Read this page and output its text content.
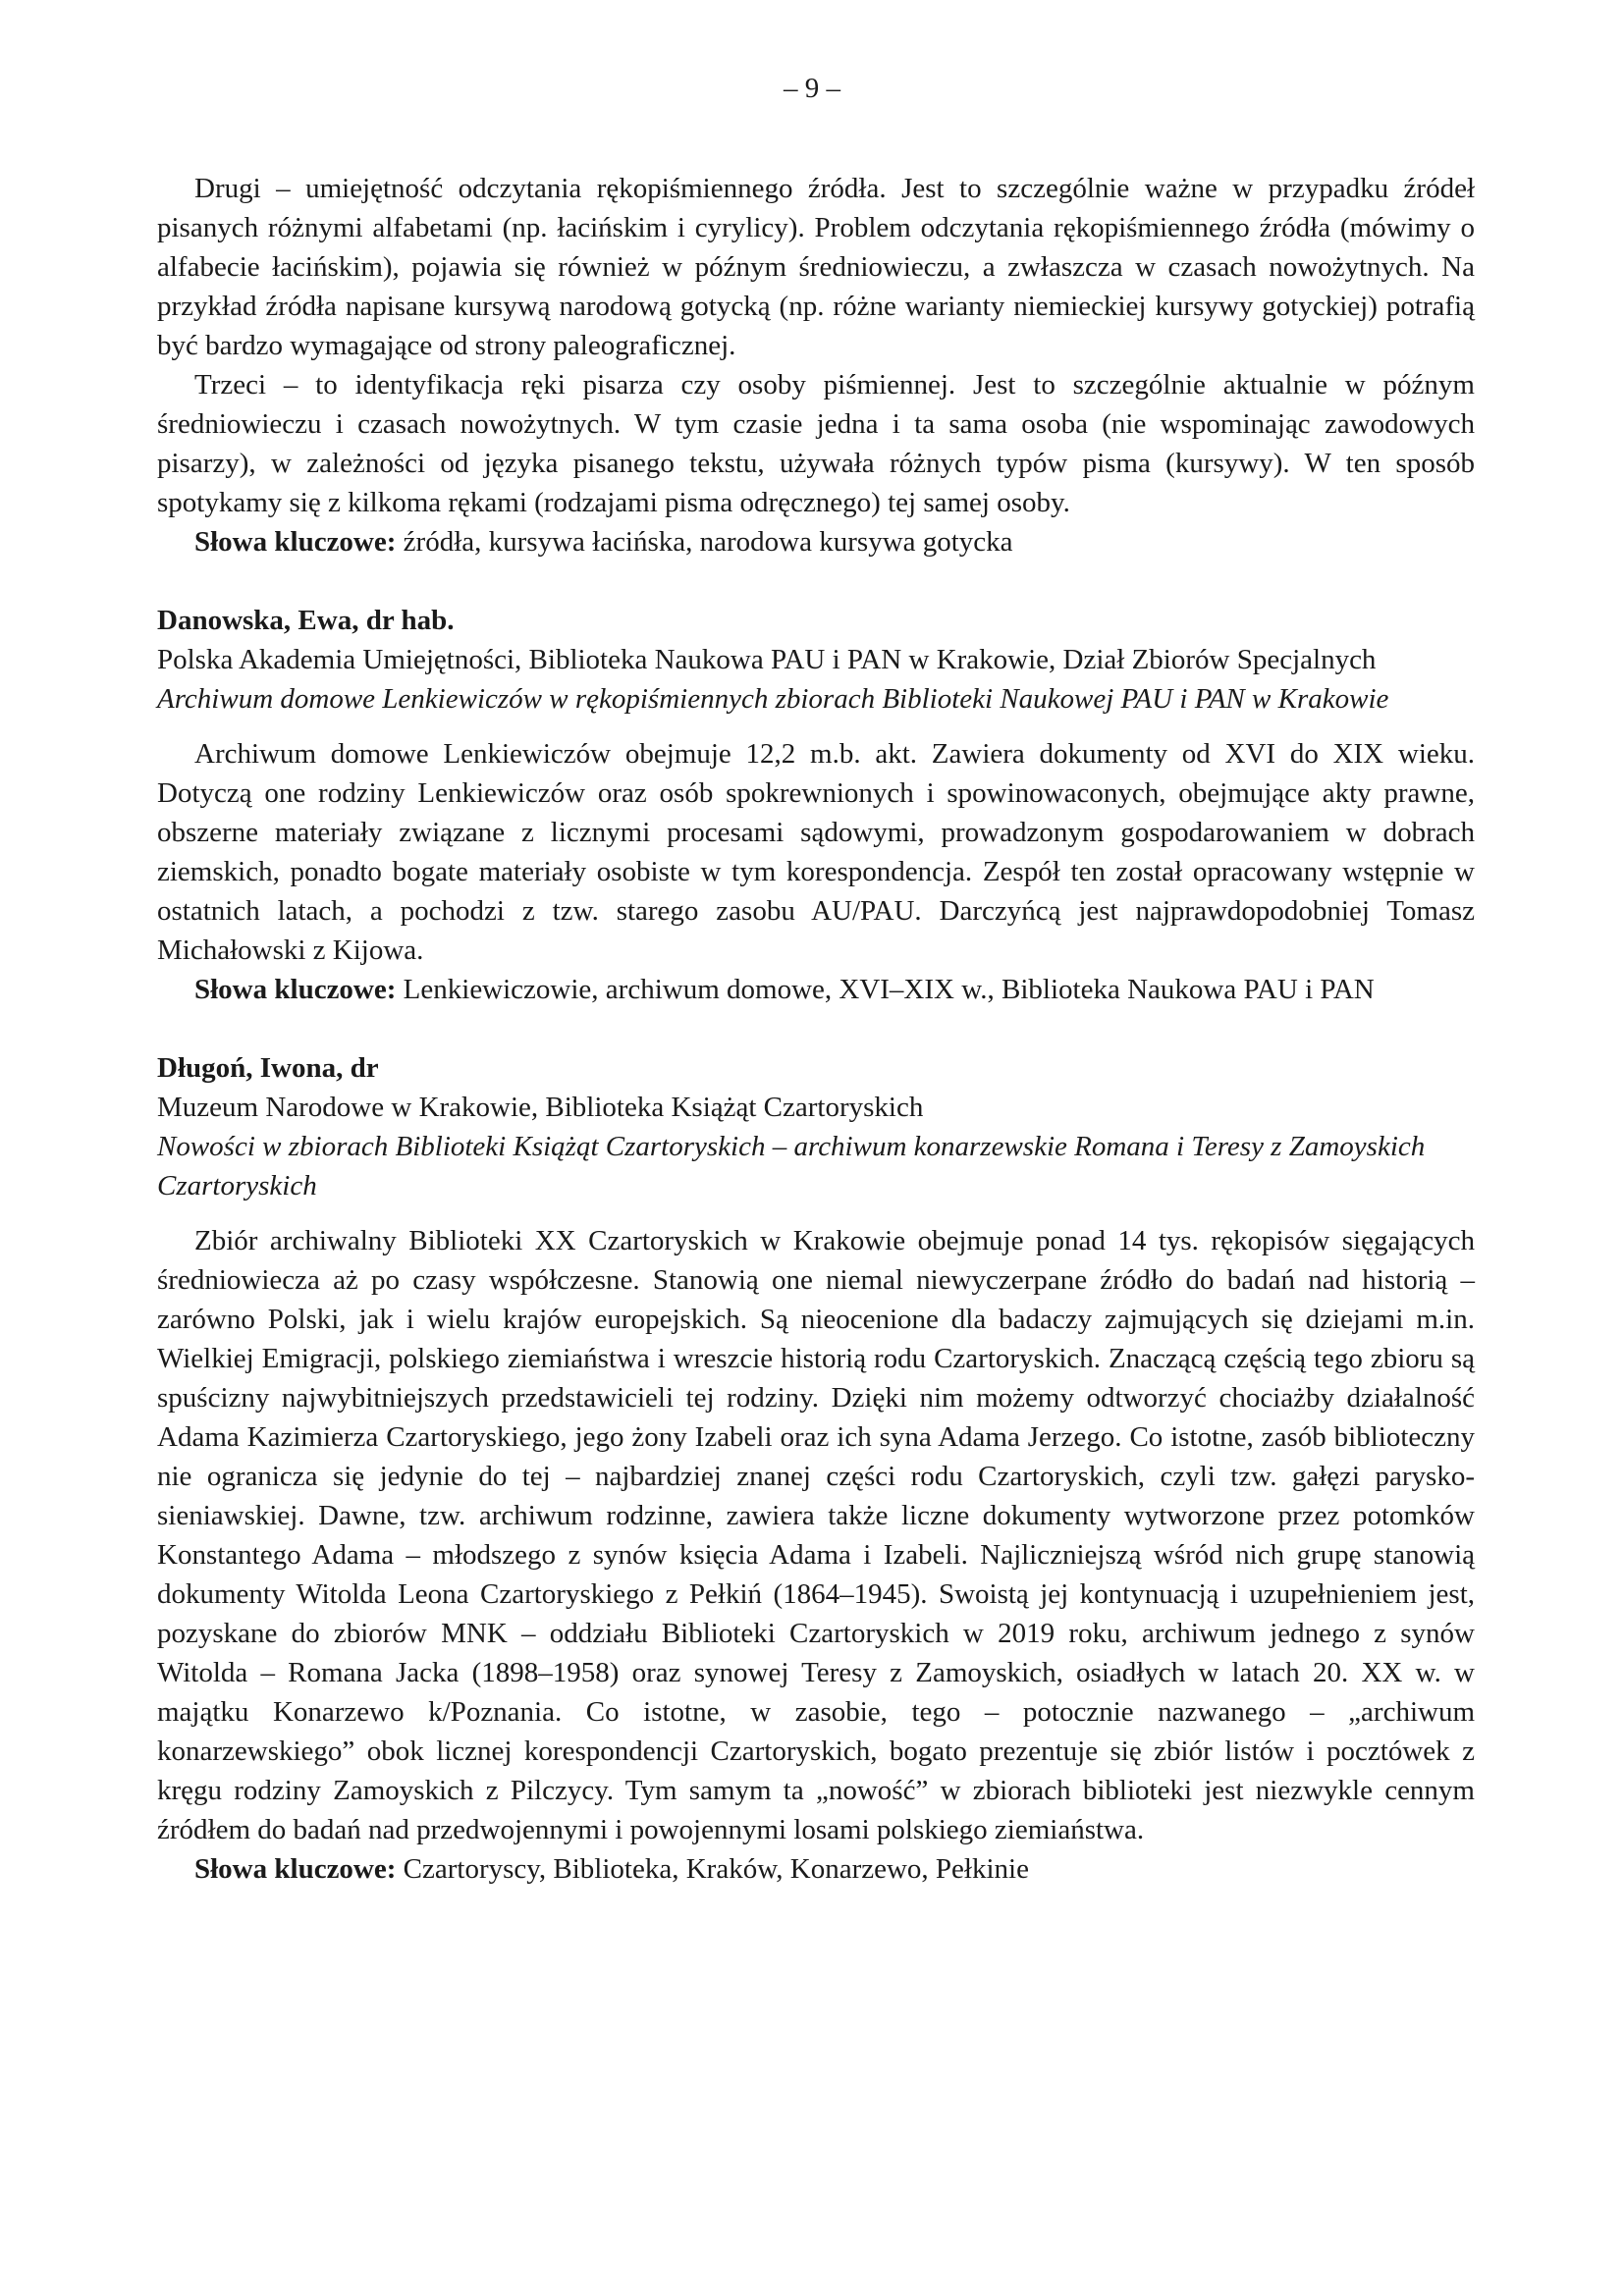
– 9 –

Drugi – umiejętność odczytania rękopiśmiennego źródła. Jest to szczególnie ważne w przypadku źródeł pisanych różnymi alfabetami (np. łacińskim i cyrylicy). Problem odczytania rękopiśmiennego źródła (mówimy o alfabecie łacińskim), pojawia się również w późnym średniowieczu, a zwłaszcza w czasach nowożytnych. Na przykład źródła napisane kursywą narodową gotycką (np. różne warianty niemieckiej kursywy gotyckiej) potrafią być bardzo wymagające od strony paleograficznej.

Trzeci – to identyfikacja ręki pisarza czy osoby piśmiennej. Jest to szczególnie aktualnie w późnym średniowieczu i czasach nowożytnych. W tym czasie jedna i ta sama osoba (nie wspominając zawodowych pisarzy), w zależności od języka pisanego tekstu, używała różnych typów pisma (kursywy). W ten sposób spotykamy się z kilkoma rękami (rodzajami pisma odręcznego) tej samej osoby.

Słowa kluczowe: źródła, kursywa łacińska, narodowa kursywa gotycka

Danowska, Ewa, dr hab.

Polska Akademia Umiejętności, Biblioteka Naukowa PAU i PAN w Krakowie, Dział Zbiorów Specjalnych

Archiwum domowe Lenkiewiczów w rękopiśmiennych zbiorach Biblioteki Naukowej PAU i PAN w Krakowie

Archiwum domowe Lenkiewiczów obejmuje 12,2 m.b. akt. Zawiera dokumenty od XVI do XIX wieku. Dotyczą one rodziny Lenkiewiczów oraz osób spokrewnionych i spowinowaconych, obejmujące akty prawne, obszerne materiały związane z licznymi procesami sądowymi, prowadzonym gospodarowaniem w dobrach ziemskich, ponadto bogate materiały osobiste w tym korespondencja. Zespół ten został opracowany wstępnie w ostatnich latach, a pochodzi z tzw. starego zasobu AU/PAU. Darczyńcą jest najprawdopodobniej Tomasz Michałowski z Kijowa.

Słowa kluczowe: Lenkiewiczowie, archiwum domowe, XVI–XIX w., Biblioteka Naukowa PAU i PAN

Długoń, Iwona, dr

Muzeum Narodowe w Krakowie, Biblioteka Książąt Czartoryskich

Nowości w zbiorach Biblioteki Książąt Czartoryskich – archiwum konarzewskie Romana i Teresy z Zamoyskich Czartoryskich

Zbiór archiwalny Biblioteki XX Czartoryskich w Krakowie obejmuje ponad 14 tys. rękopisów sięgających średniowiecza aż po czasy współczesne. Stanowią one niemal niewyczerpane źródło do badań nad historią – zarówno Polski, jak i wielu krajów europejskich. Są nieocenione dla badaczy zajmujących się dziejami m.in. Wielkiej Emigracji, polskiego ziemiaństwa i wreszcie historią rodu Czartoryskich. Znaczącą częścią tego zbioru są spuścizny najwybitniejszych przedstawicieli tej rodziny. Dzięki nim możemy odtworzyć chociażby działalność Adama Kazimierza Czartoryskiego, jego żony Izabeli oraz ich syna Adama Jerzego. Co istotne, zasób biblioteczny nie ogranicza się jedynie do tej – najbardziej znanej części rodu Czartoryskich, czyli tzw. gałęzi parysko-sieniawskiej. Dawne, tzw. archiwum rodzinne, zawiera także liczne dokumenty wytworzone przez potomków Konstantego Adama – młodszego z synów księcia Adama i Izabeli. Najliczniejszą wśród nich grupę stanowią dokumenty Witolda Leona Czartoryskiego z Pełkiń (1864–1945). Swoistą jej kontynuacją i uzupełnieniem jest, pozyskane do zbiorów MNK – oddziału Biblioteki Czartoryskich w 2019 roku, archiwum jednego z synów Witolda – Romana Jacka (1898–1958) oraz synowej Teresy z Zamoyskich, osiadłych w latach 20. XX w. w majątku Konarzewo k/Poznania. Co istotne, w zasobie, tego – potocznie nazwanego – „archiwum konarzewskiego” obok licznej korespondencji Czartoryskich, bogato prezentuje się zbiór listów i pocztówek z kręgu rodziny Zamoyskich z Pilczycy. Tym samym ta „nowość” w zbiorach biblioteki jest niezwykle cennym źródłem do badań nad przedwojennymi i powojennymi losami polskiego ziemiaństwa.

Słowa kluczowe: Czartoryscy, Biblioteka, Kraków, Konarzewo, Pełkinie
